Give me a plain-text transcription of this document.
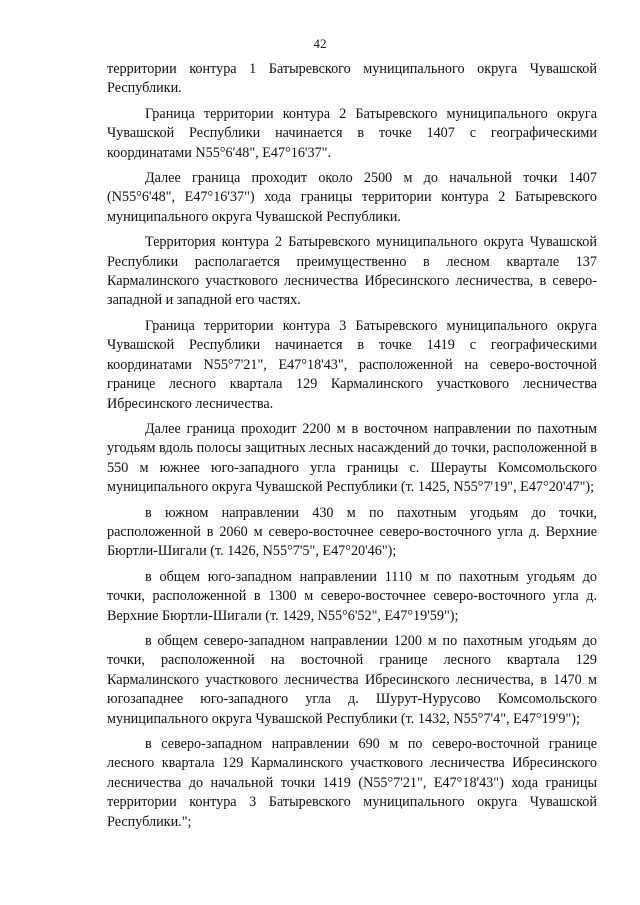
42

территории контура 1 Батыревского муниципального округа Чувашской Республики.

Граница территории контура 2 Батыревского муниципального округа Чувашской Республики начинается в точке 1407 с географическими координатами N55°6'48", E47°16'37".

Далее граница проходит около 2500 м до начальной точки 1407 (N55°6'48", E47°16'37") хода границы территории контура 2 Батыревского муниципального округа Чувашской Республики.

Территория контура 2 Батыревского муниципального округа Чувашской Республики располагается преимущественно в лесном квартале 137 Кармалинского участкового лесничества Ибресинского лесничества, в северо-западной и западной его частях.

Граница территории контура 3 Батыревского муниципального округа Чувашской Республики начинается в точке 1419 с географическими координатами N55°7'21", E47°18'43", расположенной на северо-восточной границе лесного квартала 129 Кармалинского участкового лесничества Ибресинского лесничества.

Далее граница проходит 2200 м в восточном направлении по пахотным угодьям вдоль полосы защитных лесных насаждений до точки, расположенной в 550 м южнее юго-западного угла границы с. Шерауты Комсомольского муниципального округа Чувашской Республики (т. 1425, N55°7'19", E47°20'47");

в южном направлении 430 м по пахотным угодьям до точки, расположенной в 2060 м северо-восточнее северо-восточного угла д. Верхние Бюртли-Шигали (т. 1426, N55°7'5", E47°20'46");

в общем юго-западном направлении 1110 м по пахотным угодьям до точки, расположенной в 1300 м северо-восточнее северо-восточного угла д. Верхние Бюртли-Шигали (т. 1429, N55°6'52", E47°19'59");

в общем северо-западном направлении 1200 м по пахотным угодьям до точки, расположенной на восточной границе лесного квартала 129 Кармалинского участкового лесничества Ибресинского лесничества, в 1470 м югозападнее юго-западного угла д. Шурут-Нурусово Комсомольского муниципального округа Чувашской Республики (т. 1432, N55°7'4", E47°19'9");

в северо-западном направлении 690 м по северо-восточной границе лесного квартала 129 Кармалинского участкового лесничества Ибресинского лесничества до начальной точки 1419 (N55°7'21", E47°18'43") хода границы территории контура 3 Батыревского муниципального округа Чувашской Республики.";
